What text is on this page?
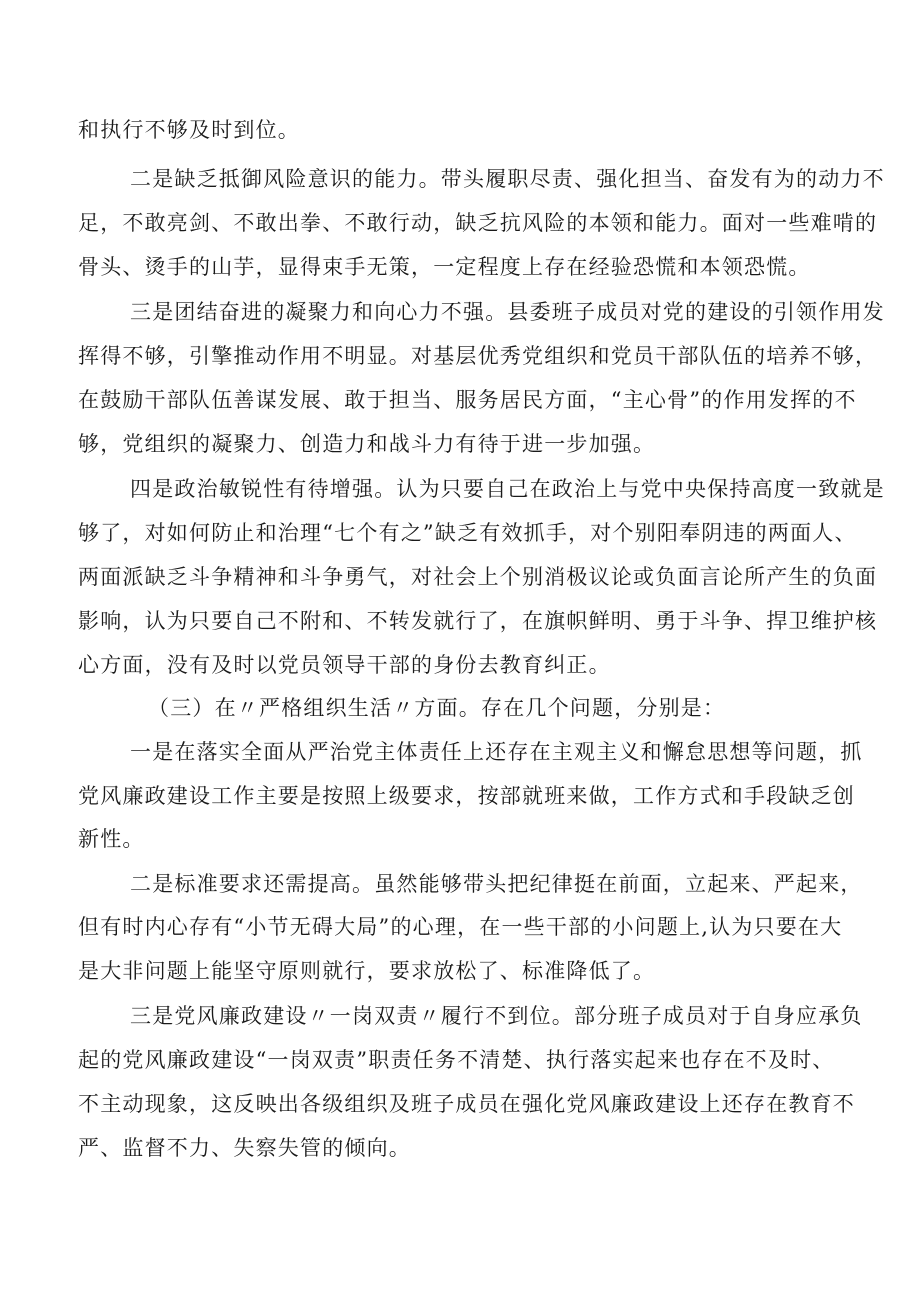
和执行不够及时到位。
二是缺乏抵御风险意识的能力。带头履职尽责、强化担当、奋发有为的动力不
足，不敢亮剑、不敢出拳、不敢行动，缺乏抗风险的本领和能力。面对一些难啃的
骨头、烫手的山芋，显得束手无策，一定程度上存在经验恐慌和本领恐慌。
三是团结奋进的凝聚力和向心力不强。县委班子成员对党的建设的引领作用发
挥得不够，引擎推动作用不明显。对基层优秀党组织和党员干部队伍的培养不够，
在鼓励干部队伍善谋发展、敢于担当、服务居民方面，“主心骨”的作用发挥的不
够，党组织的凝聚力、创造力和战斗力有待于进一步加强。
四是政治敏锐性有待增强。认为只要自己在政治上与党中央保持高度一致就是
够了，对如何防止和治理“七个有之”缺乏有效抓手，对个别阳奉阴违的两面人、
两面派缺乏斗争精神和斗争勇气，对社会上个别消极议论或负面言论所产生的负面
影响，认为只要自己不附和、不转发就行了，在旗帜鲜明、勇于斗争、捍卫维护核
心方面，没有及时以党员领导干部的身份去教育纠正。
（三）在〃严格组织生活〃方面。存在几个问题，分别是：
一是在落实全面从严治党主体责任上还存在主观主义和懈怠思想等问题，抓
党风廉政建设工作主要是按照上级要求，按部就班来做，工作方式和手段缺乏创
新性。
二是标准要求还需提高。虽然能够带头把纪律挺在前面，立起来、严起来，
但有时内心存有“小节无碍大局”的心理，在一些干部的小问题上,认为只要在大
是大非问题上能坚守原则就行，要求放松了、标准降低了。
三是党风廉政建设〃一岗双责〃履行不到位。部分班子成员对于自身应承负
起的党风廉政建设“一岗双责”职责任务不清楚、执行落实起来也存在不及时、
不主动现象，这反映出各级组织及班子成员在强化党风廉政建设上还存在教育不
严、监督不力、失察失管的倾向。
